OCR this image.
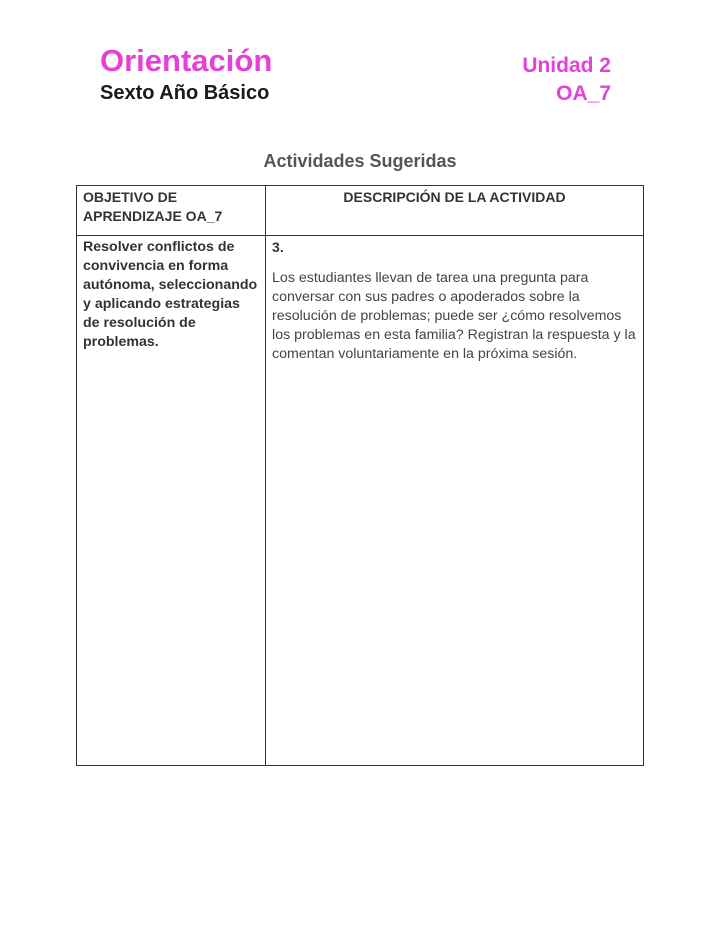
Orientación
Sexto Año Básico
Unidad 2
OA_7
Actividades Sugeridas
OBJETIVO DE APRENDIZAJE OA_7	DESCRIPCIÓN DE LA ACTIVIDAD

Resolver conflictos de convivencia en forma autónoma, seleccionando y aplicando estrategias de resolución de problemas.	3.

Los estudiantes llevan de tarea una pregunta para conversar con sus padres o apoderados sobre la resolución de problemas; puede ser ¿cómo resolvemos los problemas en esta familia? Registran la respuesta y la comentan voluntariamente en la próxima sesión.
